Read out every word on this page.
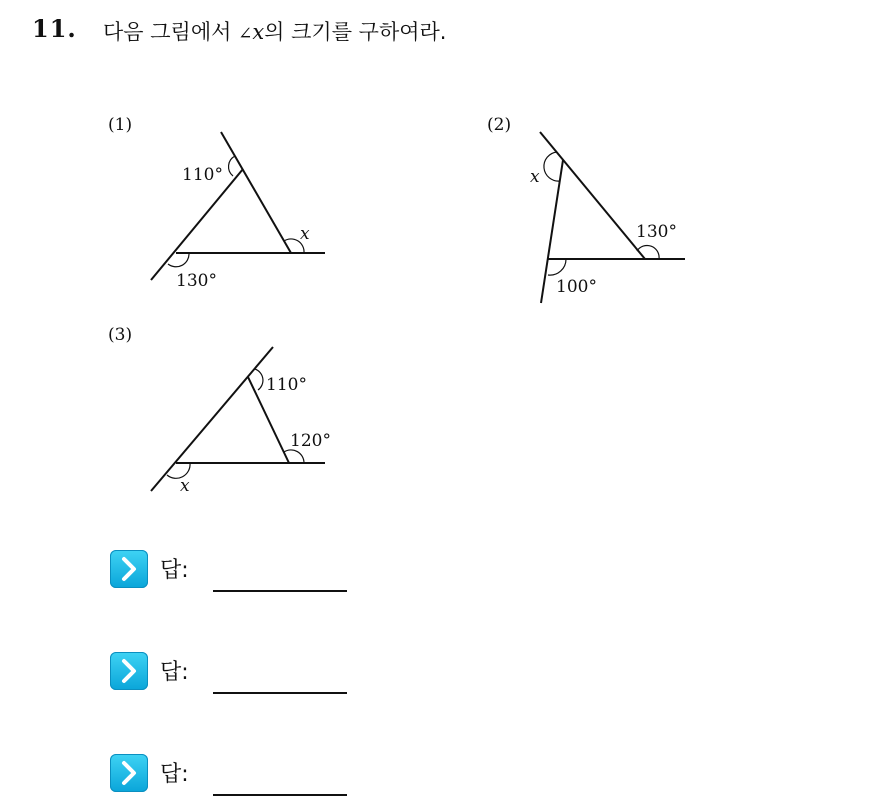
11. 다음 그림에서 ∠x의 크기를 구하여라.
(1)
110°
130°
x
(2)
x
130°
100°
(3)
110°
120°
x
답:
답:
답:
